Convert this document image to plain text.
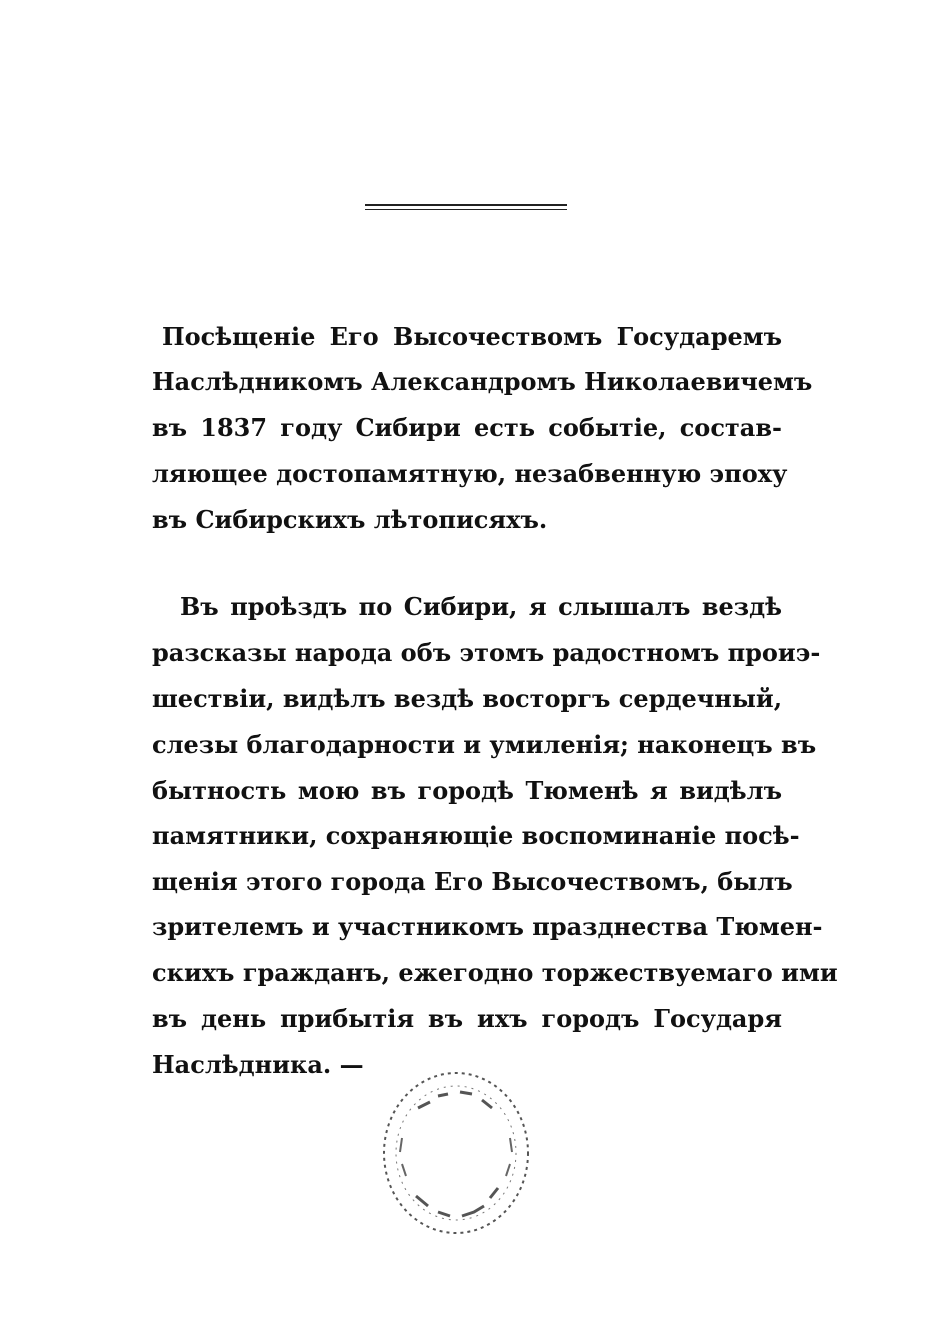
Посѣщеніе Его Высочествомъ Государемъ
Наслѣдникомъ Александромъ Николаевичемъ
въ 1837 году Сибири есть событіе, состав-
ляющее достопамятную, незабвенную эпоху
въ Сибирскихъ лѣтописяхъ.
Въ проѣздъ по Сибири, я слышалъ вездѣ
разсказы народа объ этомъ радостномъ проиэ-
шествіи, видѣлъ вездѣ восторгъ сердечный,
слезы благодарности и умиленія; наконецъ въ
бытность мою въ городѣ Тюменѣ я видѣлъ
памятники, сохраняющіе воспоминаніе посѣ-
щенія этого города Его Высочествомъ, былъ
зрителемъ и участникомъ празднества Тюмен-
скихъ гражданъ, ежегодно торжествуемаго ими
въ день прибытія въ ихъ городъ Государя
Наслѣдника. —
